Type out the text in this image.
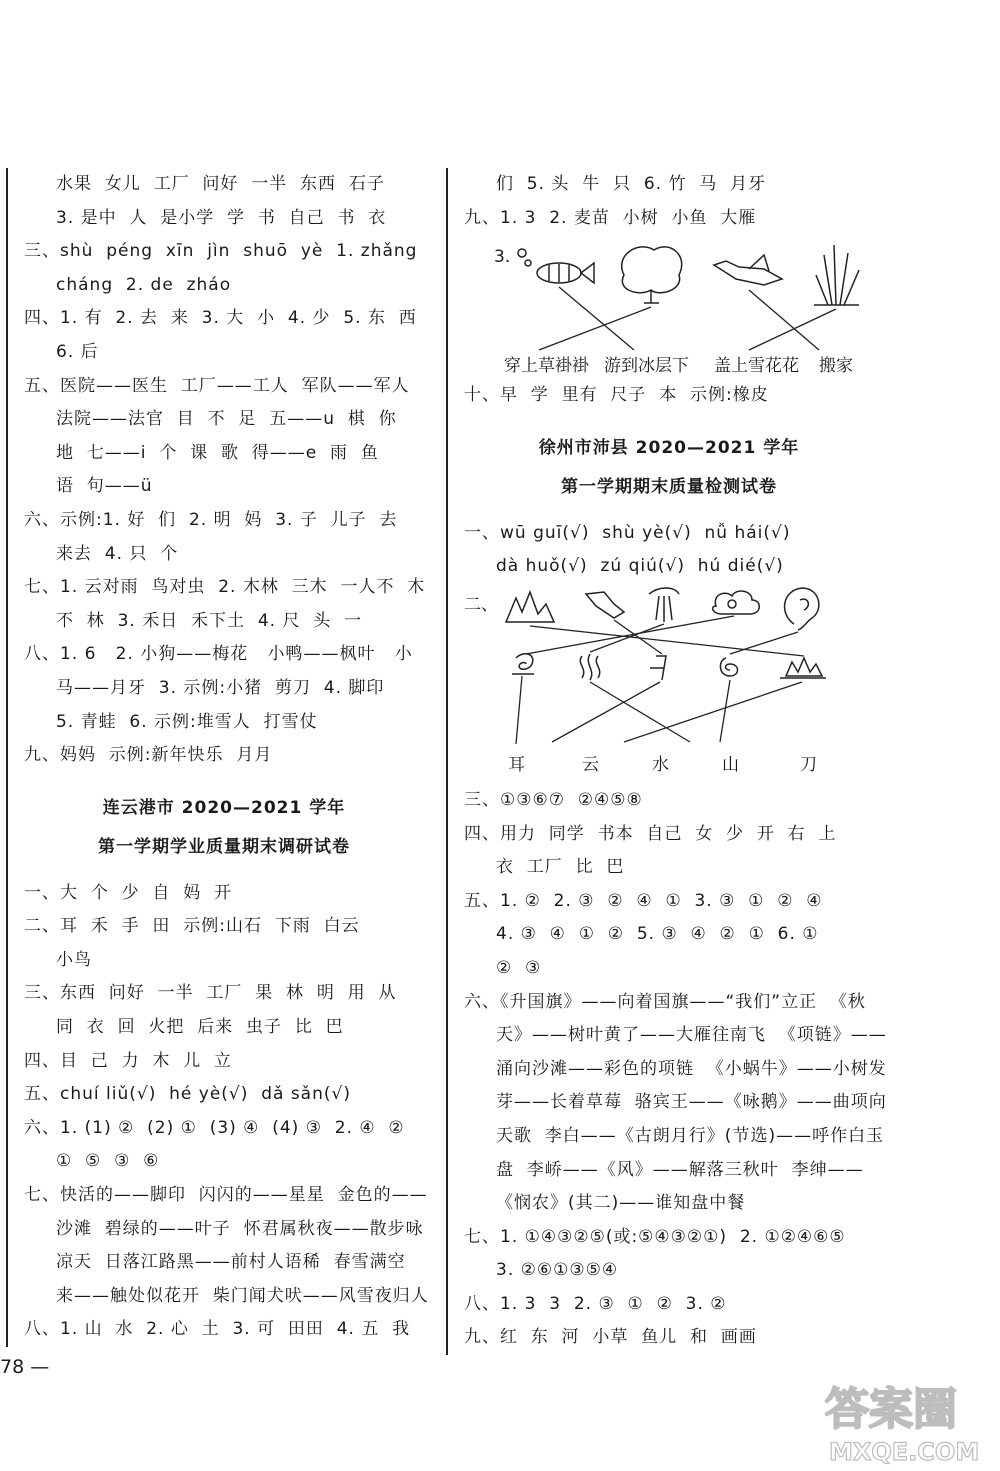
水果  女儿  工厂  问好  一半  东西  石子
3. 是中  人  是小学  学  书  自己  书  衣
三、shù  péng  xīn  jìn  shuō  yè  1. zhǎng
cháng  2. de  zháo
四、1. 有  2. 去  来  3. 大  小  4. 少  5. 东  西
6. 后
五、医院——医生  工厂——工人  军队——军人
法院——法官  目  不  足  五——u  棋  你
地  七——i  个  课  歌  得——e  雨  鱼
语  句——ü
六、示例:1. 好  们  2. 明  妈  3. 子  儿子  去
来去  4. 只  个
七、1. 云对雨  鸟对虫  2. 木林  三木  一人不  木
不  林  3. 禾日  禾下土  4. 尺  头  一
八、1. 6   2. 小狗——梅花   小鸭——枫叶   小
马——月牙  3. 示例:小猪  剪刀  4. 脚印
5. 青蛙  6. 示例:堆雪人  打雪仗
九、妈妈  示例:新年快乐  月月
连云港市 2020—2021 学年
第一学期学业质量期末调研试卷
一、大  个  少  自  妈  开
二、耳  禾  手  田  示例:山石  下雨  白云
小鸟
三、东西  问好  一半  工厂  果  林  明  用  从
同  衣  回  火把  后来  虫子  比  巴
四、目  己  力  木  儿  立
五、chuí liǔ(√)  hé yè(√)  dǎ sǎn(√)
六、1. (1) ②  (2) ①  (3) ④  (4) ③  2. ④  ②
①  ⑤  ③  ⑥
七、快活的——脚印  闪闪的——星星  金色的——
沙滩  碧绿的——叶子  怀君属秋夜——散步咏
凉天  日落江路黑——前村人语稀  春雪满空
来——触处似花开  柴门闻犬吠——风雪夜归人
八、1. 山  水  2. 心  土  3. 可  田田  4. 五  我
们  5. 头  牛  只  6. 竹  马  月牙
九、1. 3  2. 麦苗  小树  小鱼  大雁
3.
穿上草褂褂 游到冰层下 盖上雪花花 搬家
十、早  学  里有  尺子  本  示例:橡皮
徐州市沛县 2020—2021 学年
第一学期期末质量检测试卷
一、wū guī(√)  shù yè(√)  nǚ hái(√)
dà huǒ(√)  zú qiú(√)  hú dié(√)
二、
耳	云	水	山	刀
三、①③⑥⑦  ②④⑤⑧
四、用力  同学  书本  自己  女  少  开  右  上
衣  工厂  比  巴
五、1. ②  2. ③  ②  ④  ①  3. ③  ①  ②  ④
4. ③  ④  ①  ②  5. ③  ④  ②  ①  6. ①
②  ③
六、《升国旗》——向着国旗——“我们”立正  《秋
天》——树叶黄了——大雁往南飞  《项链》——
涌向沙滩——彩色的项链  《小蜗牛》——小树发
芽——长着草莓  骆宾王——《咏鹅》——曲项向
天歌  李白——《古朗月行》(节选)——呼作白玉
盘  李峤——《风》——解落三秋叶  李绅——
《悯农》(其二)——谁知盘中餐
七、1. ①④③②⑤(或:⑤④③②①)  2. ①②④⑥⑤
3. ②⑥①③⑤④
八、1. 3  3  2. ③  ①  ②  3. ②
九、红  东  河  小草  鱼儿  和  画画
78 —
答案圈
MXQE.COM
